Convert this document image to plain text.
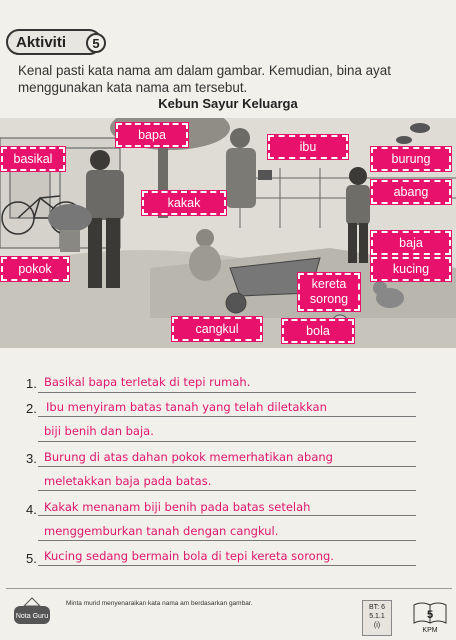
Aktiviti	5
Kenal pasti kata nama am dalam gambar. Kemudian, bina ayat menggunakan kata nama am tersebut.
Kebun Sayur Keluarga
bapa
basikal
ibu
burung
abang
kakak
baja
pokok	kucing
kereta
sorong
cangkul	bola
1. Basikal bapa terletak di tepi rumah.
2. Ibu menyiram batas tanah yang telah diletakkan
biji benih dan baja.
3. Burung di atas dahan pokok memerhatikan abang
meletakkan baja pada batas.
4. Kakak menanam biji benih pada batas setelah
menggemburkan tanah dengan cangkul.
5. Kucing sedang bermain bola di tepi kereta sorong.
Nota Guru
Minta murid menyenaraikan kata nama am berdasarkan gambar.
BT: 6
5.1.1
(i)
5
KPM
